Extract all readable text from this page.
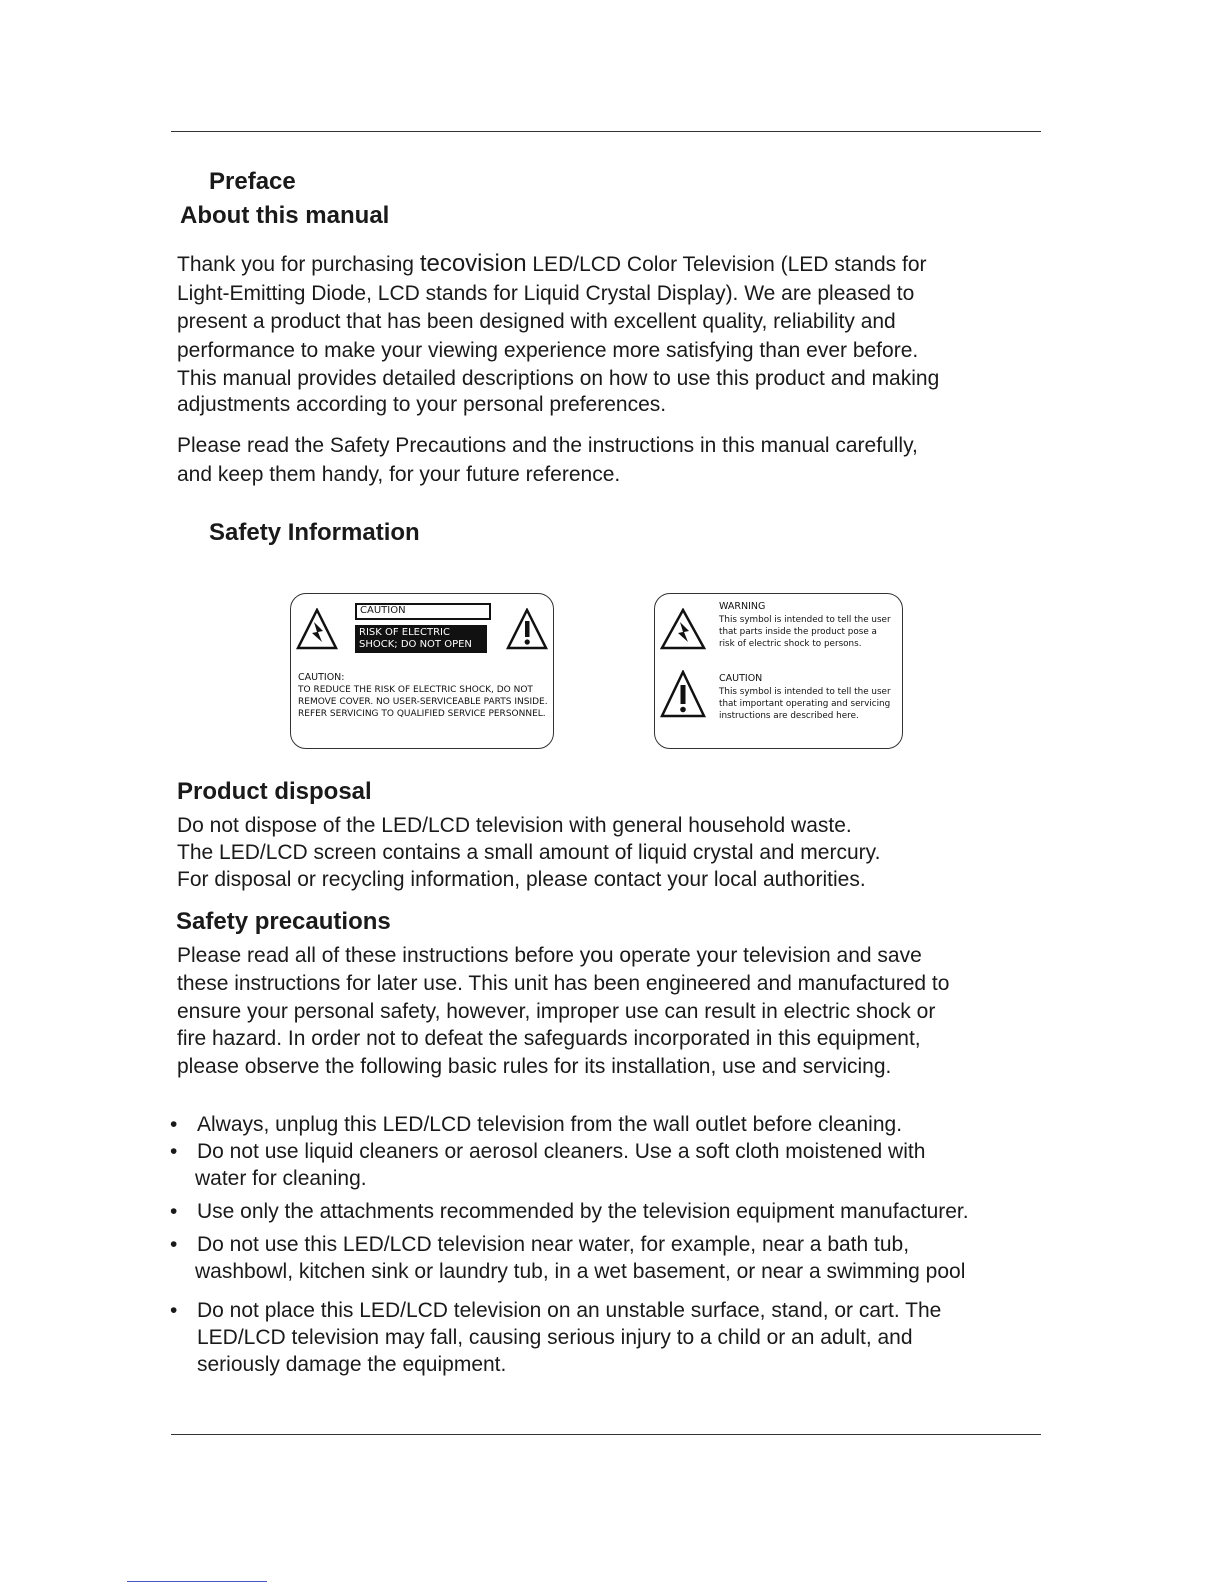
Preface
About this manual
Thank you for purchasing tecovision LED/LCD Color Television (LED stands for
Light-Emitting Diode, LCD stands for Liquid Crystal Display). We are pleased to
present a product that has been designed with excellent quality, reliability and
performance to make your viewing experience more satisfying than ever before.
This manual provides detailed descriptions on how to use this product and making
adjustments according to your personal preferences.
Please read the Safety Precautions and the instructions in this manual carefully,
and keep them handy, for your future reference.
Safety Information
CAUTION
RISK OF ELECTRIC
SHOCK; DO NOT OPEN
CAUTION:
TO REDUCE THE RISK OF ELECTRIC SHOCK, DO NOT
REMOVE COVER. NO USER-SERVICEABLE PARTS INSIDE.
REFER SERVICING TO QUALIFIED SERVICE PERSONNEL.
WARNING
This symbol is intended to tell the user
that parts inside the product pose a
risk of electric shock to persons.
CAUTION
This symbol is intended to tell the user
that important operating and servicing
instructions are described here.
Product disposal
Do not dispose of the LED/LCD television with general household waste.
The LED/LCD screen contains a small amount of liquid crystal and mercury.
For disposal or recycling information, please contact your local authorities.
Safety precautions
Please read all of these instructions before you operate your television and save
these instructions for later use. This unit has been engineered and manufactured to
ensure your personal safety, however, improper use can result in electric shock or
fire hazard. In order not to defeat the safeguards incorporated in this equipment,
please observe the following basic rules for its installation, use and servicing.
• Always, unplug this LED/LCD television from the wall outlet before cleaning.
• Do not use liquid cleaners or aerosol cleaners. Use a soft cloth moistened with
water for cleaning.
• Use only the attachments recommended by the television equipment manufacturer.
• Do not use this LED/LCD television near water, for example, near a bath tub,
washbowl, kitchen sink or laundry tub, in a wet basement, or near a swimming pool
• Do not place this LED/LCD television on an unstable surface, stand, or cart. The
LED/LCD television may fall, causing serious injury to a child or an adult, and
seriously damage the equipment.
